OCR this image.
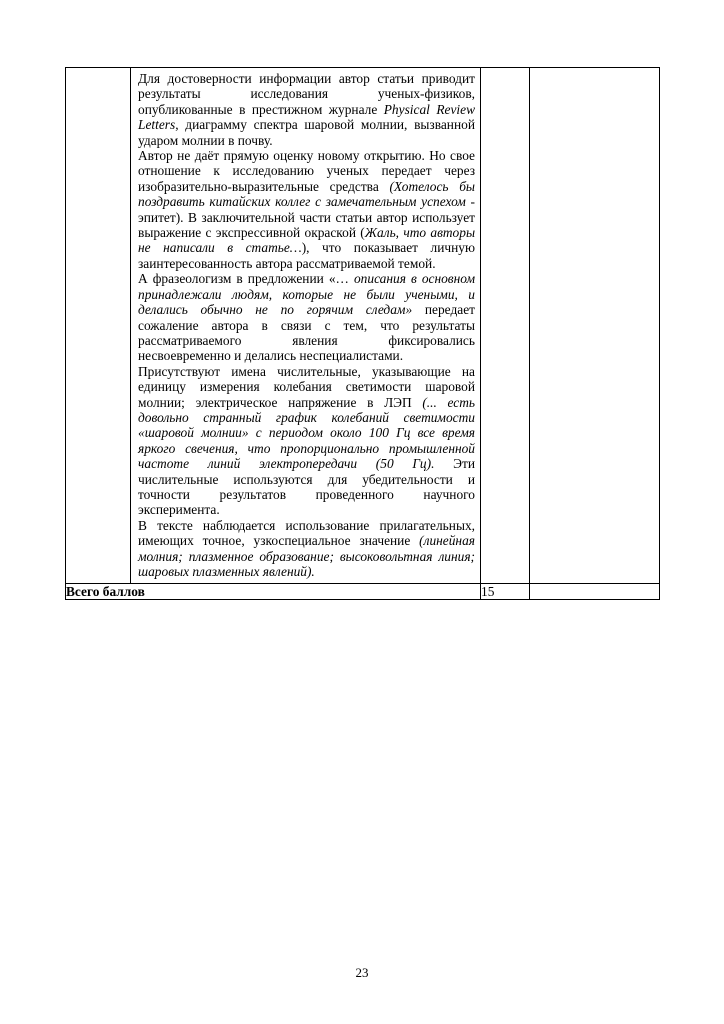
	Для достоверности информации автор статьи приводит результаты исследования ученых-физиков, опубликованные в престижном журнале Physical Review Letters, диаграмму спектра шаровой молнии, вызванной ударом молнии в почву.

Автор не даёт прямую оценку новому открытию. Но свое отношение к исследованию ученых передает через изобразительно-выразительные средства (Хотелось бы поздравить китайских коллег с замечательным успехом - эпитет). В заключительной части статьи автор использует выражение с экспрессивной окраской (Жаль, что авторы не написали в статье…), что показывает личную заинтересованность автора рассматриваемой темой.

А фразеологизм в предложении «… описания в основном принадлежали людям, которые не были учеными, и делались обычно не по горячим следам» передает сожаление автора в связи с тем, что результаты рассматриваемого явления фиксировались несвоевременно и делались неспециалистами.

Присутствуют имена числительные, указывающие на единицу измерения колебания светимости шаровой молнии; электрическое напряжение в ЛЭП (... есть довольно странный график колебаний светимости «шаровой молнии» с периодом около 100 Гц все время яркого свечения, что пропорционально промышленной частоте линий электропередачи (50 Гц). Эти числительные используются для убедительности и точности результатов проведенного научного эксперимента.

В тексте наблюдается использование прилагательных, имеющих точное, узкоспециальное значение (линейная молния; плазменное образование; высоковольтная линия; шаровых плазменных явлений).		

Всего баллов		15	
23
